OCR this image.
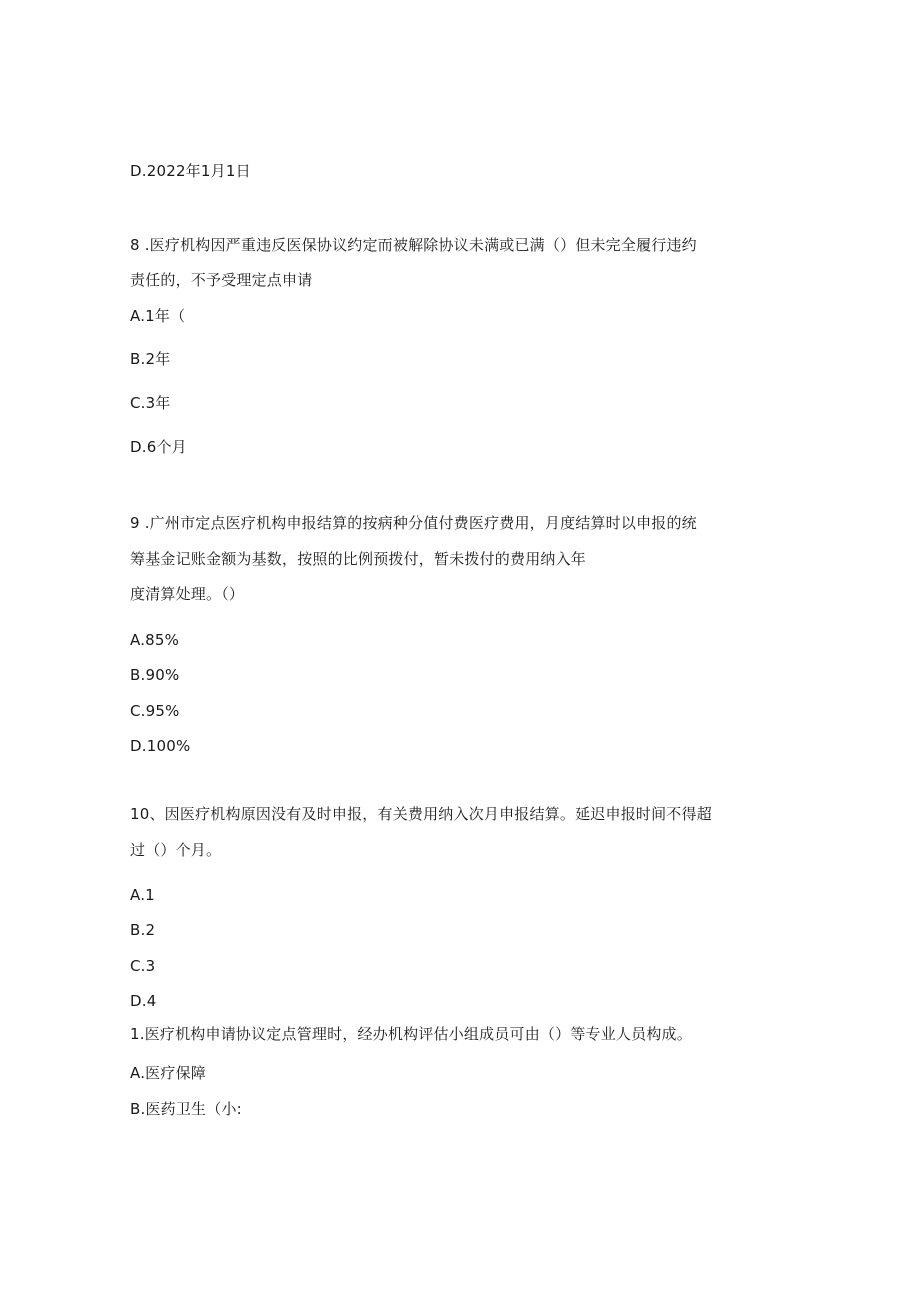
D.2022年1月1日
8 .医疗机构因严重违反医保协议约定而被解除协议未满或已满（）但未完全履行违约
责任的，不予受理定点申请
A.1年（
B.2年
C.3年
D.6个月
9 .广州市定点医疗机构申报结算的按病种分值付费医疗费用，月度结算时以申报的统
筹基金记账金额为基数，按照的比例预拨付，暂未拨付的费用纳入年
度清算处理。（）
A.85%
B.90%
C.95%
D.100%
10、因医疗机构原因没有及时申报，有关费用纳入次月申报结算。延迟申报时间不得超
过（）个月。
A.1
B.2
C.3
D.4
1.医疗机构申请协议定点管理时，经办机构评估小组成员可由（）等专业人员构成。
A.医疗保障
B.医药卫生（小:
